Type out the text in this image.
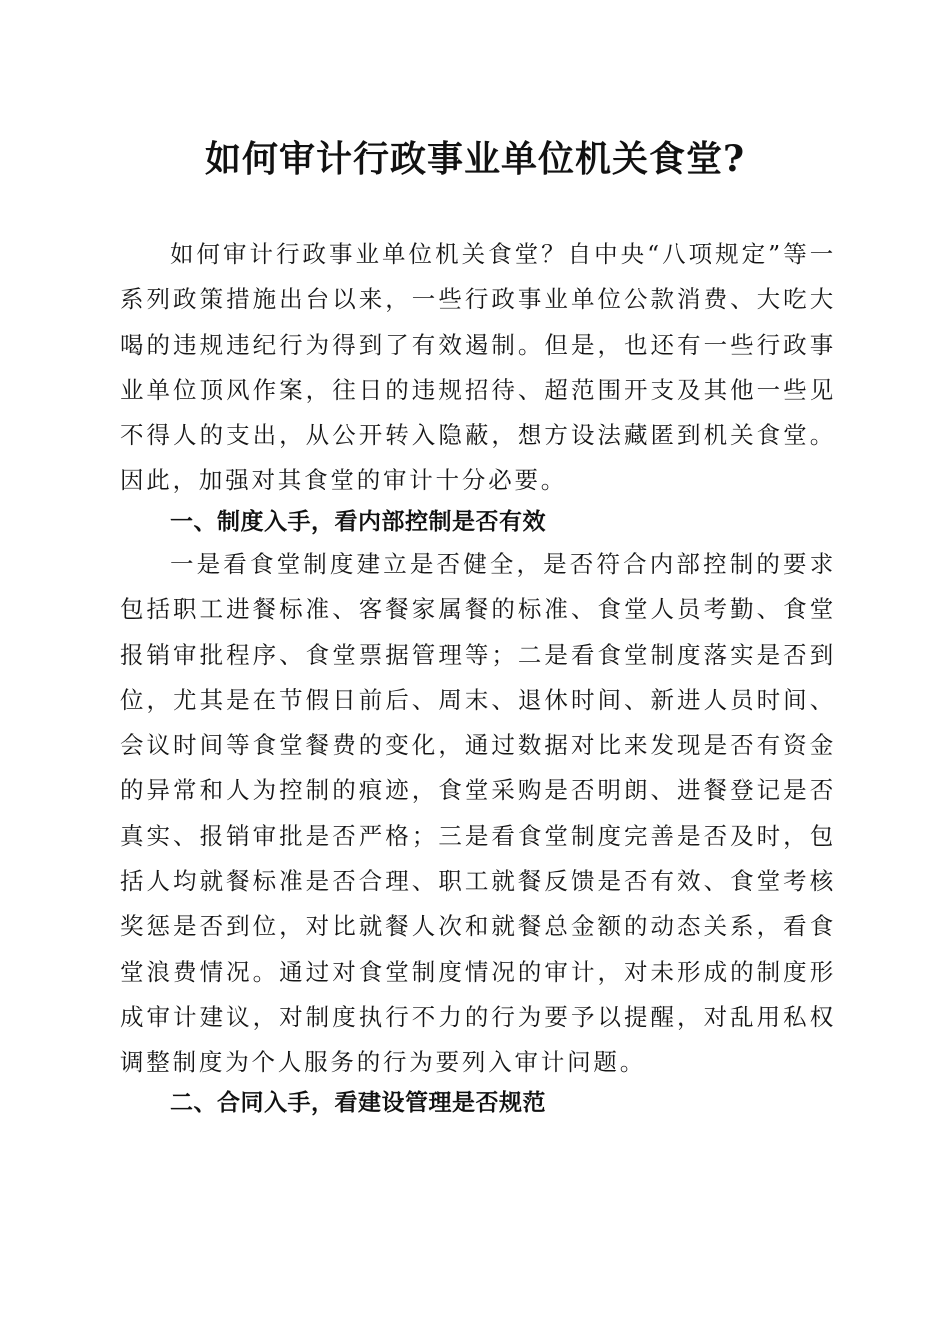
如何审计行政事业单位机关食堂?

如何审计行政事业单位机关食堂？自中央“八项规定”等一系列政策措施出台以来，一些行政事业单位公款消费、大吃大喝的违规违纪行为得到了有效遏制。但是，也还有一些行政事业单位顶风作案，往日的违规招待、超范围开支及其他一些见不得人的支出，从公开转入隐蔽，想方设法藏匿到机关食堂。因此，加强对其食堂的审计十分必要。

一、制度入手，看内部控制是否有效

一是看食堂制度建立是否健全，是否符合内部控制的要求包括职工进餐标准、客餐家属餐的标准、食堂人员考勤、食堂报销审批程序、食堂票据管理等；二是看食堂制度落实是否到位，尤其是在节假日前后、周末、退休时间、新进人员时间、会议时间等食堂餐费的变化，通过数据对比来发现是否有资金的异常和人为控制的痕迹，食堂采购是否明朗、进餐登记是否真实、报销审批是否严格；三是看食堂制度完善是否及时，包括人均就餐标准是否合理、职工就餐反馈是否有效、食堂考核奖惩是否到位，对比就餐人次和就餐总金额的动态关系，看食堂浪费情况。通过对食堂制度情况的审计，对未形成的制度形成审计建议，对制度执行不力的行为要予以提醒，对乱用私权调整制度为个人服务的行为要列入审计问题。

二、合同入手，看建设管理是否规范
